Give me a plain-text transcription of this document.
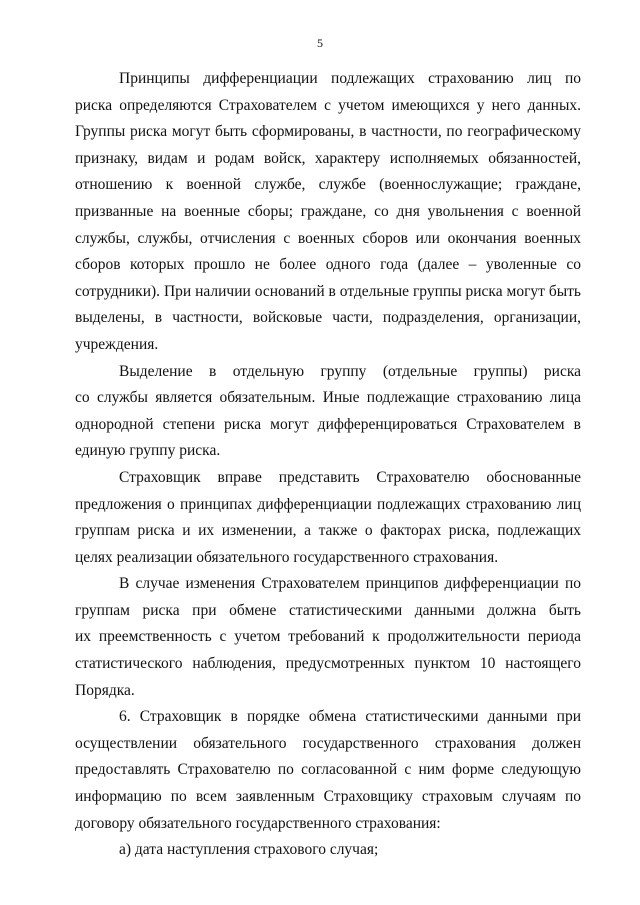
5

Принципы дифференциации подлежащих страхованию лиц по
риска определяются Страхователем с учетом имеющихся у него данных.
Группы риска могут быть сформированы, в частности, по географическому
признаку, видам и родам войск, характеру исполняемых обязанностей,
отношению к военной службе, службе (военнослужащие; граждане,
призванные на военные сборы; граждане, со дня увольнения с военной
службы, службы, отчисления с военных сборов или окончания военных
сборов которых прошло не более одного года (далее – уволенные со
сотрудники). При наличии оснований в отдельные группы риска могут быть
выделены, в частности, войсковые части, подразделения, организации,
учреждения.

Выделение в отдельную группу (отдельные группы) риска
со службы является обязательным. Иные подлежащие страхованию лица
однородной степени риска могут дифференцироваться Страхователем в
единую группу риска.

Страховщик вправе представить Страхователю обоснованные
предложения о принципах дифференциации подлежащих страхованию лиц
группам риска и их изменении, а также о факторах риска, подлежащих
целях реализации обязательного государственного страхования.

В случае изменения Страхователем принципов дифференциации по
группам риска при обмене статистическими данными должна быть
их преемственность с учетом требований к продолжительности периода
статистического наблюдения, предусмотренных пунктом 10 настоящего
Порядка.

6. Страховщик в порядке обмена статистическими данными при
осуществлении обязательного государственного страхования должен
предоставлять Страхователю по согласованной с ним форме следующую
информацию по всем заявленным Страховщику страховым случаям по
договору обязательного государственного страхования:

а) дата наступления страхового случая;
